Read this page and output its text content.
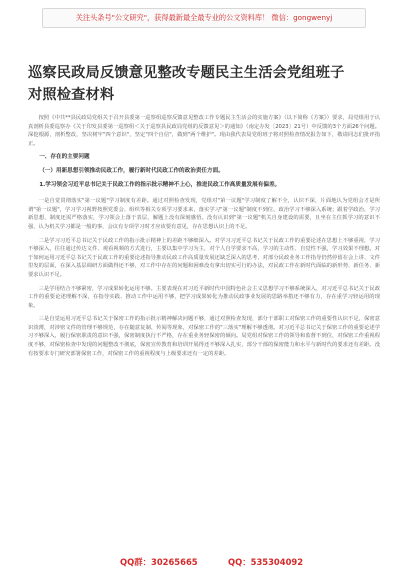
关注头条号"公文研究"，获得最新最全最专业的公文资料库！ 微信：gongwenyj
巡察民政局反馈意见整改专题民主生活会党组班子
对照检查材料

按照《中共**县民政局党组关于召开县委第一巡察组巡察反馈意见整改工作专题民主生活会的实施方案》（以下简称《方案》）要求，局党组用于认真剖析县委巡察办《关于印发县委第一巡察组＜关于巡察县民政局党组的反馈意见＞的通知》（南定办发〔2023〕21号）中反馈的3个方面26个问题。深挖根源，剖析整改，坚决树牢"四个意识"，坚定"四个自信"，做到"两个维护"。现由我代表局党组班子将对照检查情况报告如下，敬请同志们批评指正。

一、存在的主要问题

（一）用新思想引领推动民政工作，履行新时代民政工作的政治责任方面。

1.学习领会习近平总书记关于民政工作的指示批示精神不上心，推进民政工作高质量发展有偏差。

一是自觉贯彻落实"第一议题"学习制度有差距。通过对照检查发现，党组对"第一议题"学习制度了解不全，认识不深，片面地认为党组会才是所谓"第一议题"，学习学习视野按照党委会、组织等相关专项学习要求来，落实学习"第一议题"制度不到位，政治学习不够深入系统；跟着学政治，学习新思想，制度还需严格落实，学习领会上落于表层，解题上没有深刻感悟。没有认识到"第一议题"机关自身建设的需要，且坐在主位抓学习的意识不强，认为机关学习都是一般的事，会议有专项学习时才应该要有意见，存在思想认识上的不足。

二是学习习近平总书记关于民政工作的指示批示精神上的差距不够细深入。对学习习近平总书记关于民政工作的重要论述在思想上不够重视，学习不够深入，往往通过传达文件、观看视频的方式进行，主要以集中学习为主，对个人自学要求不高，学习的主动性、自觉性不强，学习效果不理想。对于如何运用习近平总书记关于民政工作的重要论述指导推动民政工作高质量发展还缺乏深入的思考，对部分民政业务工作指导仍然停留在会上讲、文件里发的层面，在深入基层调研方面做得还不够，对工作中存在的问题和困难没有拿出切实可行的办法，对民政工作在新时代面临的新形势、新任务、新要求认识不足。

三是学用结合不够紧密，学习成果转化运用不够。主要表现在对习近平新时代中国特色社会主义思想学习不够系统深入，对习近平总书记关于民政工作的重要论述理解不深，在指导实践、推动工作中运用不够，把学习成果转化为推动民政事业发展的思路举措还不够有力，存在重学习轻运用的现象。

三是自觉运用习近平总书记关于保密工作的指示批示精神解决问题不够，通过对照检查发现，部分干部职工对保密工作的重要性认识不足，保密意识淡薄，对涉密文件的管理不够规范，存在随意复制、传阅等现象，对保密工作的"三落实"理解不够透彻。对习近平总书记关于保密工作的重要论述学习不够深入，履行保密职责的意识不强，保密制度执行不严格，存在重业务轻保密的倾向。局党组对保密工作的领导和监督不到位，对保密工作重视程度不够，对保密检查中发现的问题整改不彻底，保密宣传教育和培训开展得还不够深入扎实，部分干部的保密能力和水平与新时代的要求还有差距。没有按要求专门研究部署保密工作，对保密工作的重视程度与上级要求还有一定的差距。

QQ群：30265665	QQ：535304092
